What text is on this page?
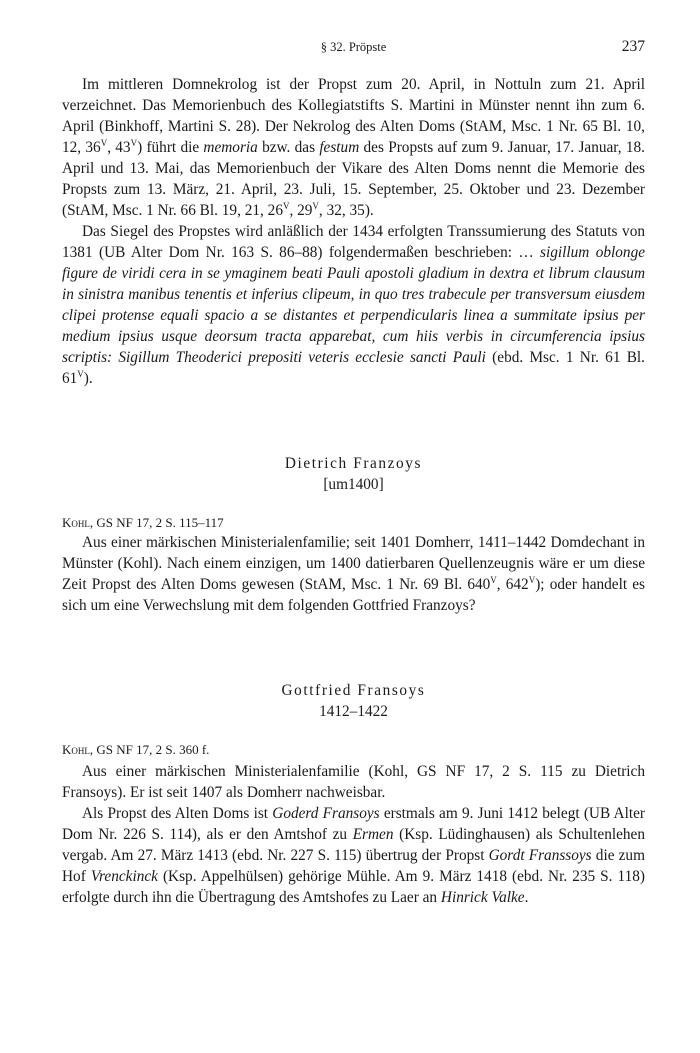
§ 32. Pröpste	237

Im mittleren Domnekrolog ist der Propst zum 20. April, in Nottuln zum 21. April verzeichnet. Das Memorienbuch des Kollegiatstifts S. Martini in Münster nennt ihn zum 6. April (Binkhoff, Martini S. 28). Der Nekrolog des Alten Doms (StAM, Msc. 1 Nr. 65 Bl. 10, 12, $36^V$, $43^V$) führt die memoria bzw. das festum des Propsts auf zum 9. Januar, 17. Januar, 18. April und 13. Mai, das Memorienbuch der Vikare des Alten Doms nennt die Memorie des Propsts zum 13. März, 21. April, 23. Juli, 15. September, 25. Oktober und 23. Dezember (StAM, Msc. 1 Nr. 66 Bl. 19, 21, $26^V$, $29^V$, 32, 35).

Das Siegel des Propstes wird anläßlich der 1434 erfolgten Transsumierung des Statuts von 1381 (UB Alter Dom Nr. 163 S. 86–88) folgendermaßen beschrieben: … sigillum oblonge figure de viridi cera in se ymaginem beati Pauli apostoli gladium in dextra et librum clausum in sinistra manibus tenentis et inferius clipeum, in quo tres trabecule per transversum eiusdem clipei protense equali spacio a se distantes et perpendicularis linea a summitate ipsius per medium ipsius usque deorsum tracta apparebat, cum hiis verbis in circumferencia ipsius scriptis: Sigillum Theoderici prepositi veteris ecclesie sancti Pauli (ebd. Msc. 1 Nr. 61 Bl. $61^V$).

Dietrich Franzoys
[um1400]
Kohl, GS NF 17, 2 S. 115–117

Aus einer märkischen Ministerialenfamilie; seit 1401 Domherr, 1411–1442 Domdechant in Münster (Kohl). Nach einem einzigen, um 1400 datierbaren Quellenzeugnis wäre er um diese Zeit Propst des Alten Doms gewesen (StAM, Msc. 1 Nr. 69 Bl. $640^V$, $642^V$); oder handelt es sich um eine Verwechslung mit dem folgenden Gottfried Franzoys?

Gottfried Fransoys
1412–1422
Kohl, GS NF 17, 2 S. 360 f.

Aus einer märkischen Ministerialenfamilie (Kohl, GS NF 17, 2 S. 115 zu Dietrich Fransoys). Er ist seit 1407 als Domherr nachweisbar.

Als Propst des Alten Doms ist Goderd Fransoys erstmals am 9. Juni 1412 belegt (UB Alter Dom Nr. 226 S. 114), als er den Amtshof zu Ermen (Ksp. Lüdinghausen) als Schultenlehen vergab. Am 27. März 1413 (ebd. Nr. 227 S. 115) übertrug der Propst Gordt Franssoys die zum Hof Vrenckinck (Ksp. Appelhülsen) gehörige Mühle. Am 9. März 1418 (ebd. Nr. 235 S. 118) erfolgte durch ihn die Übertragung des Amtshofes zu Laer an Hinrick Valke.
